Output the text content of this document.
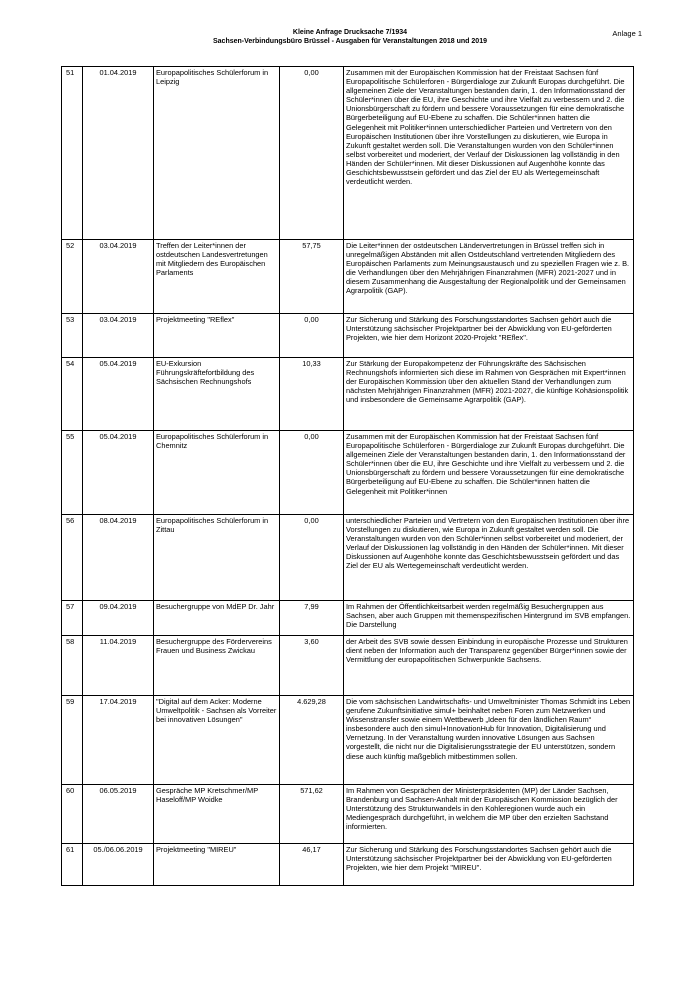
Anlage 1
Kleine Anfrage Drucksache 7/1934
Sachsen-Verbindungsbüro Brüssel - Ausgaben für Veranstaltungen 2018 und 2019
51	01.04.2019	Europapolitisches Schülerforum in Leipzig	0,00	Zusammen mit der Europäischen Kommission hat der Freistaat Sachsen fünf Europapolitische Schülerforen - Bürgerdialoge zur Zukunft Europas durchgeführt. Die allgemeinen Ziele der Veranstaltungen bestanden darin, 1. den Informationsstand der Schüler*innen über die EU, ihre Geschichte und ihre Vielfalt zu verbessern und 2. die Unionsbürgerschaft zu fördern und bessere Voraussetzungen für eine demokratische Bürgerbeteiligung auf EU-Ebene zu schaffen. Die Schüler*innen hatten die Gelegenheit mit Politiker*innen unterschiedlicher Parteien und Vertretern von den Europäischen Institutionen über ihre Vorstellungen zu diskutieren, wie Europa in Zukunft gestaltet werden soll. Die Veranstaltungen wurden von den Schüler*innen selbst vorbereitet und moderiert, der Verlauf der Diskussionen lag vollständig in den Händen der Schüler*innen. Mit dieser Diskussionen auf Augenhöhe konnte das Geschichtsbewusstsein gefördert und das Ziel der EU als Wertegemeinschaft verdeutlicht werden.
52	03.04.2019	Treffen der Leiter*innen der ostdeutschen Landesvertretungen mit Mitgliedern des Europäischen Parlaments	57,75	Die Leiter*innen der ostdeutschen Ländervertretungen in Brüssel treffen sich in unregelmäßigen Abständen mit allen Ostdeutschland vertretenden Mitgliedern des Europäischen Parlaments zum Meinungsaustausch und zu speziellen Fragen wie z. B. die Verhandlungen über den Mehrjährigen Finanzrahmen (MFR) 2021-2027 und in diesem Zusammenhang die Ausgestaltung der Regionalpolitik und der Gemeinsamen Agrarpolitik (GAP).
53	03.04.2019	Projektmeeting "REflex"	0,00	Zur Sicherung und Stärkung des Forschungsstandortes Sachsen gehört auch die Unterstützung sächsischer Projektpartner bei der Abwicklung von EU-geförderten Projekten, wie hier dem Horizont 2020-Projekt "REflex".
54	05.04.2019	EU-Exkursion Führungskräftefortbildung des Sächsischen Rechnungshofs	10,33	Zur Stärkung der Europakompetenz der Führungskräfte des Sächsischen Rechnungshofs informierten sich diese im Rahmen von Gesprächen mit Expert*innen der Europäischen Kommission über den aktuellen Stand der Verhandlungen zum nächsten Mehrjährigen Finanzrahmen (MFR) 2021-2027, die künftige Kohäsionspolitik und insbesondere die Gemeinsame Agrarpolitik (GAP).
55	05.04.2019	Europapolitisches Schülerforum in Chemnitz	0,00	Zusammen mit der Europäischen Kommission hat der Freistaat Sachsen fünf Europapolitische Schülerforen - Bürgerdialoge zur Zukunft Europas durchgeführt. Die allgemeinen Ziele der Veranstaltungen bestanden darin, 1. den Informationsstand der Schüler*innen über die EU, ihre Geschichte und ihre Vielfalt zu verbessern und 2. die Unionsbürgerschaft zu fördern und bessere Voraussetzungen für eine demokratische Bürgerbeteiligung auf EU-Ebene zu schaffen. Die Schüler*innen hatten die Gelegenheit mit Politiker*innen
56	08.04.2019	Europapolitisches Schülerforum in Zittau	0,00	unterschiedlicher Parteien und Vertretern von den Europäischen Institutionen über ihre Vorstellungen zu diskutieren, wie Europa in Zukunft gestaltet werden soll. Die Veranstaltungen wurden von den Schüler*innen selbst vorbereitet und moderiert, der Verlauf der Diskussionen lag vollständig in den Händen der Schüler*innen. Mit dieser Diskussionen auf Augenhöhe konnte das Geschichtsbewusstsein gefördert und das Ziel der EU als Wertegemeinschaft verdeutlicht werden.
57	09.04.2019	Besuchergruppe von MdEP Dr. Jahr	7,99	Im Rahmen der Öffentlichkeitsarbeit werden regelmäßig Besuchergruppen aus Sachsen, aber auch Gruppen mit themenspezifischen Hintergrund im SVB empfangen. Die Darstellung
58	11.04.2019	Besuchergruppe des Fördervereins Frauen und Business Zwickau	3,60	der Arbeit des SVB sowie dessen Einbindung in europäische Prozesse und Strukturen dient neben der Information auch der Transparenz gegenüber Bürger*innen sowie der Vermittlung der europapolitischen Schwerpunkte Sachsens.
59	17.04.2019	"Digital auf dem Acker: Moderne Umweltpolitik - Sachsen als Vorreiter bei innovativen Lösungen"	4.629,28	Die vom sächsischen Landwirtschafts- und Umweltminister Thomas Schmidt ins Leben gerufene Zukunftsinitiative simul+ beinhaltet neben Foren zum Netzwerken und Wissenstransfer sowie einem Wettbewerb „Ideen für den ländlichen Raum“ insbesondere auch den simul+InnovationHub für Innovation, Digitalisierung und Vernetzung. In der Veranstaltung wurden innovative Lösungen aus Sachsen vorgestellt, die nicht nur die Digitalisierungsstrategie der EU unterstützen, sondern diese auch künftig maßgeblich mitbestimmen sollen.

60	06.05.2019	Gespräche MP Kretschmer/MP Haseloff/MP Woidke	571,62	Im Rahmen von Gesprächen der Ministerpräsidenten (MP) der Länder Sachsen, Brandenburg und Sachsen-Anhalt mit der Europäischen Kommission bezüglich der Unterstützung des Strukturwandels in den Kohleregionen wurde auch ein Mediengespräch durchgeführt, in welchem die MP über den erzielten Sachstand informierten.
61	05./06.06.2019	Projektmeeting "MIREU"	46,17	Zur Sicherung und Stärkung des Forschungsstandortes Sachsen gehört auch die Unterstützung sächsischer Projektpartner bei der Abwicklung von EU-geförderten Projekten, wie hier dem Projekt "MIREU".
